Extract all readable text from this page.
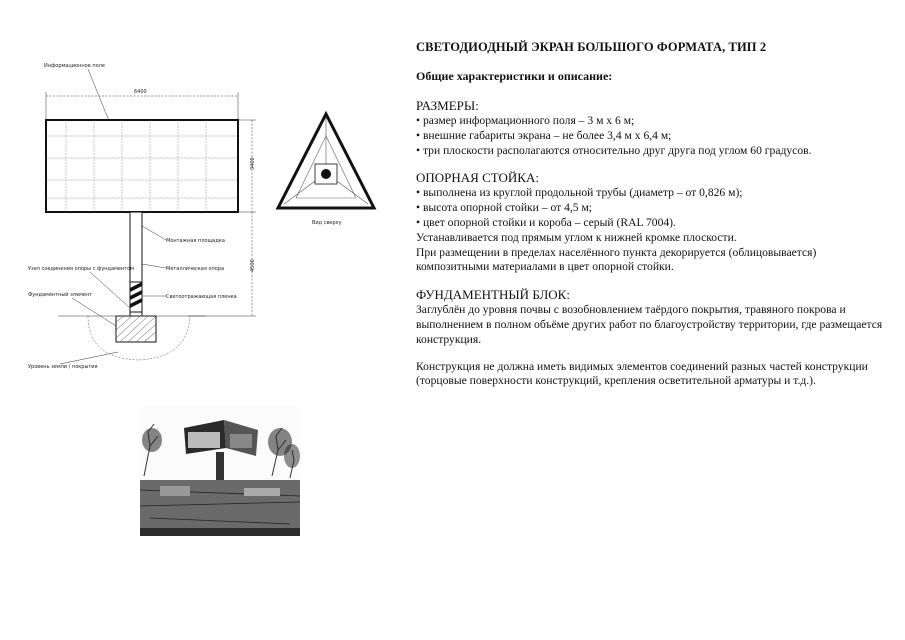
Информационное поле
6400
3400
4500
Монтажная площадка
Металлическая опора
Светоотражающая пленка
Узел соединения опоры с фундаментом
Фундаментный элемент
Уровень земли / покрытия
Вид сверху

СВЕТОДИОДНЫЙ ЭКРАН БОЛЬШОГО ФОРМАТА, ТИП 2

Общие характеристики и описание:

РАЗМЕРЫ:

• размер информационного поля – 3 м х 6 м;

• внешние габариты экрана – не более 3,4 м х 6,4 м;

• три плоскости располагаются относительно друг друга под углом 60 градусов.

ОПОРНАЯ СТОЙКА:

• выполнена из круглой продольной трубы (диаметр – от 0,826 м);

• высота опорной стойки – от 4,5 м;

• цвет опорной стойки и короба – серый (RAL 7004).

Устанавливается под прямым углом к нижней кромке плоскости.

При размещении в пределах населённого пункта декорируется (облицовывается) композитными материалами в цвет опорной стойки.

ФУНДАМЕНТНЫЙ БЛОК:

Заглублён до уровня почвы с возобновлением таёрдого покрытия, травяного покрова и выполнением в полном объёме других работ по благоустройству территории, где размещается конструкция.

Конструкция не должна иметь видимых элементов соединений разных частей конструкции (торцовые поверхности конструкций, крепления осветительной арматуры и т.д.).
